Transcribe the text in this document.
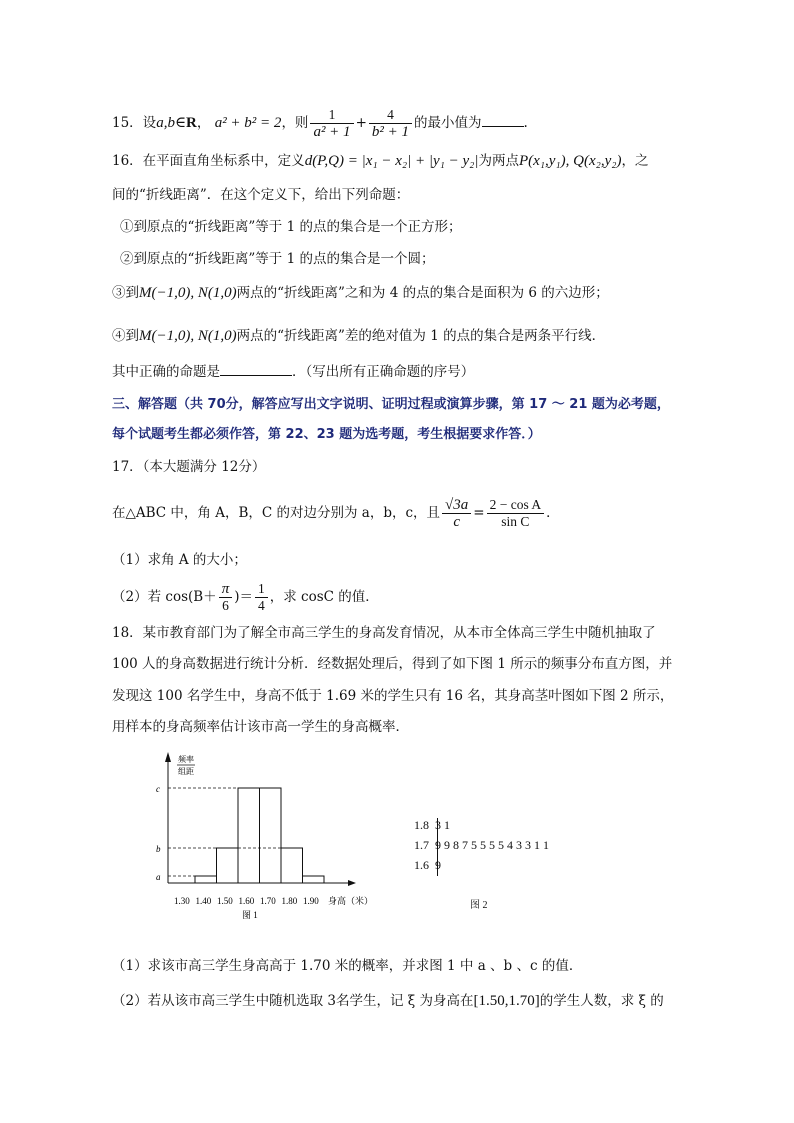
15．设a,b∈R， a² + b² = 2，则 $\frac{1}{\text{a² + 1}} + \frac{4}{\text{b² + 1}}$ 的最小值为	.
16．在平面直角坐标系中，定义d(P,Q) = |x₁ − x₂| + |y₁ − y₂|为两点P(x₁,y₁), Q(x₂,y₂)，之
间的“折线距离”．在这个定义下，给出下列命题：
①到原点的“折线距离”等于 1 的点的集合是一个正方形；
②到原点的“折线距离”等于 1 的点的集合是一个圆；
③到M(−1,0), N(1,0)两点的“折线距离”之和为 4 的点的集合是面积为 6 的六边形；
④到M(−1,0), N(1,0)两点的“折线距离”差的绝对值为 1 的点的集合是两条平行线．
其中正确的命题是	．（写出所有正确命题的序号）
三、解答题（共 70分，解答应写出文字说明、证明过程或演算步骤，第 17 ～ 21 题为必考题，
每个试题考生都必须作答，第 22、23 题为选考题，考生根据要求作答．）
17．（本大题满分 12分）
在△ABC 中，角 A，B，C 的对边分别为 a，b，c，且 $\frac{√3a}{c} = \frac{\text{2 − cos A}}{\text{sin C}}$ ．
（1）求角 A 的大小；
（2）若 $\cos(B+ \frac{\pi}{6}$ )＝ $\frac{1}{4}$ ，求 cosC 的值．
18．某市教育部门为了解全市高三学生的身高发育情况，从本市全体高三学生中随机抽取了
100 人的身高数据进行统计分析．经数据处理后，得到了如下图 1 所示的频事分布直方图，并
发现这 100 名学生中，身高不低于 1.69 米的学生只有 16 名，其身高茎叶图如下图 2 所示，
用样本的身高频率估计该市高一学生的身高概率．
频率
组距
1.30 1.40 1.50 1.60 1.70 1.80 1.90
c
b
a
身高（米）
图 1
1.8 3 1
1.7 9 9 8 7 5 5 5 5 4 3 3 1 1
1.6 9
图 2
（1）求该市高三学生身高高于 1.70 米的概率，并求图 1 中 a 、b 、c 的值．
（2）若从该市高三学生中随机选取 3名学生，记 ξ 为身高在[1.50,1.70]的学生人数，求 ξ 的
